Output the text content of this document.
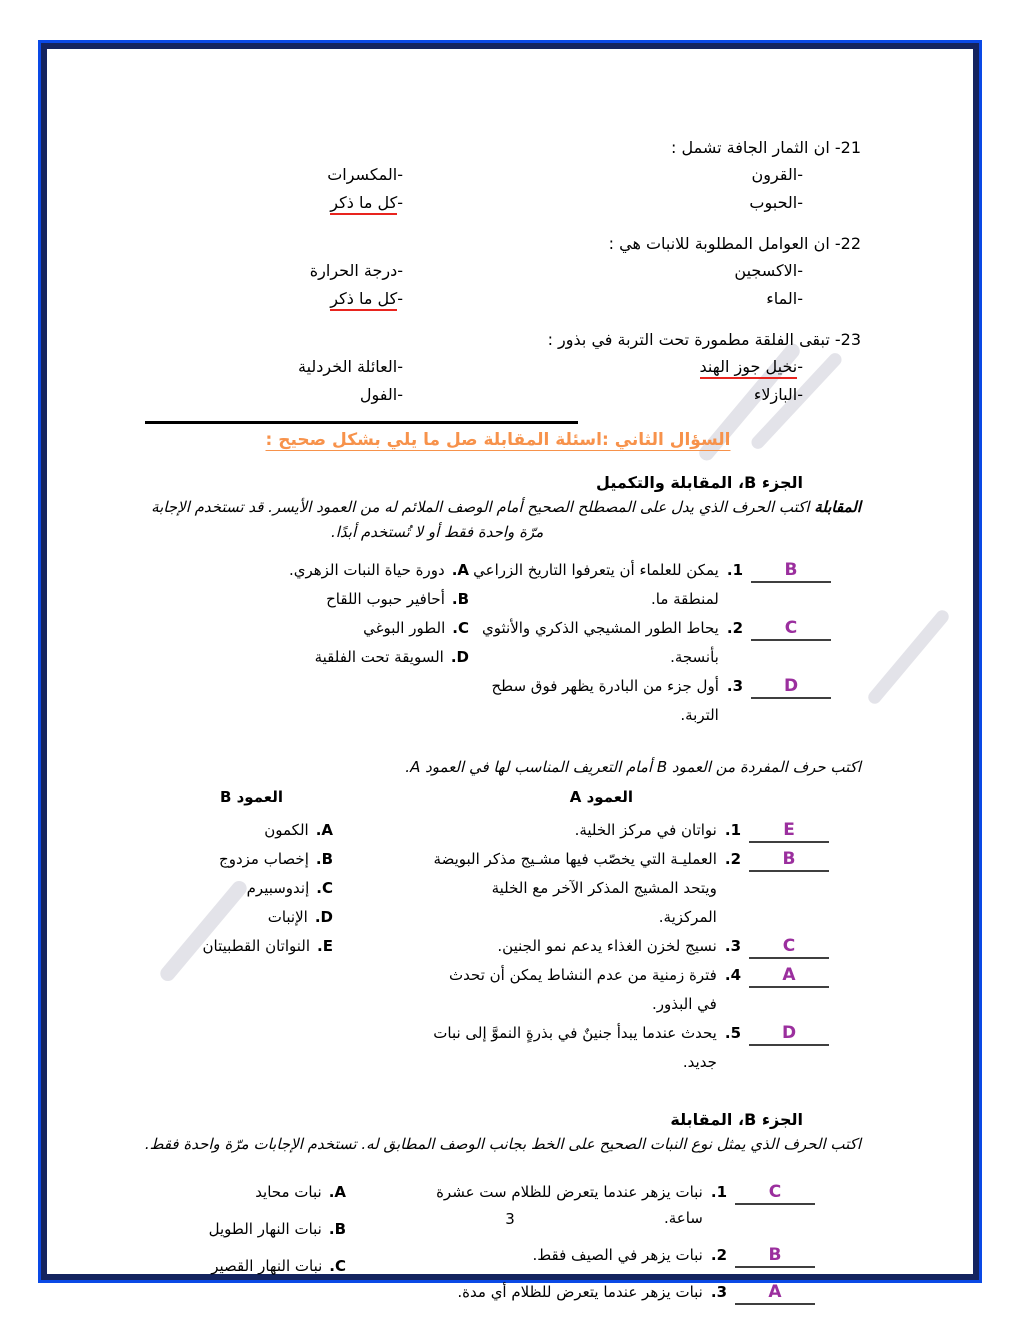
21- ان الثمار الجافة تشمل :
-القرون
-المكسرات
-الحبوب
-كل ما ذكر
22- ان العوامل المطلوبة للانبات هي :
-الاكسجين
-درجة الحرارة
-الماء
-كل ما ذكر
23- تبقى الفلقة مطمورة تحت التربة في بذور :
-نخيل جوز الهند
-العائلة الخردلية
-البازلاء
-الفول
السؤال الثاني :اسئلة المقابلة صل ما يلي بشكل صحيح :
الجزء B، المقابلة والتكميل
المقابلة اكتب الحرف الذي يدل على المصطلح الصحيح أمام الوصف الملائم له من العمود الأيسر. قد تستخدم الإجابة
مرّة واحدة فقط أو لا تُستخدم أبدًا.
B
1.
يمكن للعلماء أن يتعرفوا التاريخ الزراعي لمنطقة ما.
C
2.
يحاط الطور المشيجي الذكري والأنثوي بأنسجة.
D
3.
أول جزء من البادرة يظهر فوق سطح التربة.
A.
دورة حياة النبات الزهري.
B.
أحافير حبوب اللقاح
C.
الطور البوغي
D.
السويقة تحت الفلقية
اكتب حرف المفردة من العمود B أمام التعريف المناسب لها في العمود A.
العمود A
العمود B
E
1.
نواتان في مركز الخلية.
B
2.
العمليـة التي يخصّب فيها مشـيج مذكر البويضة ويتحد المشيج المذكر الآخر مع الخلية المركزية.
C
3.
نسيج لخزن الغذاء يدعم نمو الجنين.
A
4.
فترة زمنية من عدم النشاط يمكن أن تحدث في البذور.
D
5.
يحدث عندما يبدأ جنينٌ في بذرةٍ النموَّ إلى نبات جديد.
A.
الكمون
B.
إخصاب مزدوج
C.
إندوسبيرم
D.
الإنبات
E.
النواتان القطبيتان
الجزء B، المقابلة
اكتب الحرف الذي يمثل نوع النبات الصحيح على الخط بجانب الوصف المطابق له. تستخدم الإجابات مرّة واحدة فقط.
C
1.
نبات يزهر عندما يتعرض للظلام ست عشرة ساعة.
B
2.
نبات يزهر في الصيف فقط.
A
3.
نبات يزهر عندما يتعرض للظلام أي مدة.
A.
نبات محايد
B.
نبات النهار الطويل
C.
نبات النهار القصير
3
